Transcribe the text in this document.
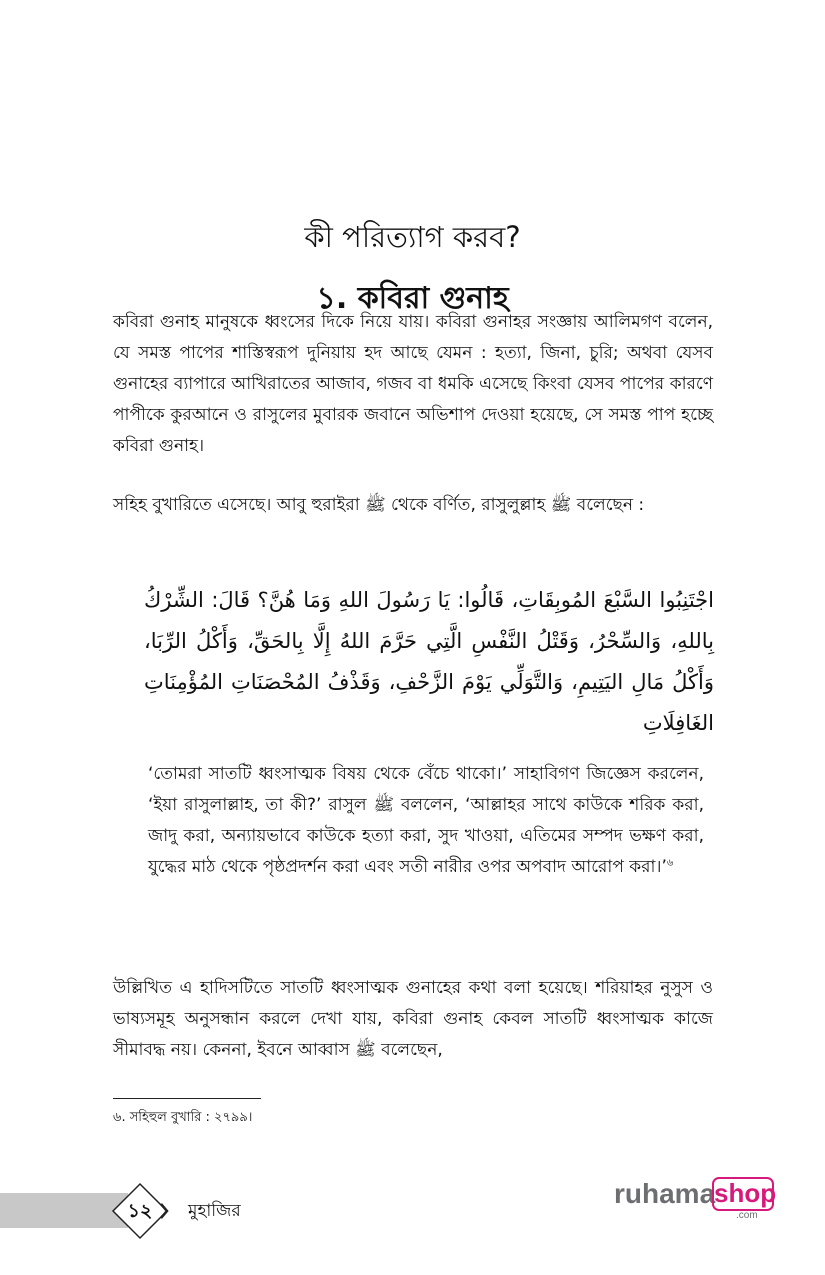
কী পরিত্যাগ করব?
১. কবিরা গুনাহ

কবিরা গুনাহ মানুষকে ধ্বংসের দিকে নিয়ে যায়। কবিরা গুনাহর সংজ্ঞায় আলিমগণ বলেন, যে সমস্ত পাপের শাস্তিস্বরূপ দুনিয়ায় হদ আছে যেমন : হত্যা, জিনা, চুরি; অথবা যেসব গুনাহের ব্যাপারে আখিরাতের আজাব, গজব বা ধমকি এসেছে কিংবা যেসব পাপের কারণে পাপীকে কুরআনে ও রাসুলের মুবারক জবানে অভিশাপ দেওয়া হয়েছে, সে সমস্ত পাপ হচ্ছে কবিরা গুনাহ।

সহিহ বুখারিতে এসেছে। আবু হুরাইরা ﷺ থেকে বর্ণিত, রাসুলুল্লাহ ﷺ বলেছেন :

اجْتَنِبُوا السَّبْعَ المُوبِقَاتِ، قَالُوا: يَا رَسُولَ اللهِ وَمَا هُنَّ؟ قَالَ: الشِّرْكُ بِاللهِ، وَالسِّحْرُ، وَقَتْلُ النَّفْسِ الَّتِي حَرَّمَ اللهُ إِلَّا بِالحَقِّ، وَأَكْلُ الرِّبَا، وَأَكْلُ مَالِ اليَتِيمِ، وَالتَّوَلِّي يَوْمَ الزَّحْفِ، وَقَذْفُ المُحْصَنَاتِ المُؤْمِنَاتِ الغَافِلَاتِ

‘তোমরা সাতটি ধ্বংসাত্মক বিষয় থেকে বেঁচে থাকো।’ সাহাবিগণ জিজ্ঞেস করলেন, ‘ইয়া রাসুলাল্লাহ, তা কী?’ রাসুল ﷺ বললেন, ‘আল্লাহর সাথে কাউকে শরিক করা, জাদু করা, অন্যায়ভাবে কাউকে হত্যা করা, সুদ খাওয়া, এতিমের সম্পদ ভক্ষণ করা, যুদ্ধের মাঠ থেকে পৃষ্ঠপ্রদর্শন করা এবং সতী নারীর ওপর অপবাদ আরোপ করা।’$^৬$

উল্লিখিত এ হাদিসটিতে সাতটি ধ্বংসাত্মক গুনাহের কথা বলা হয়েছে। শরিয়াহর নুসুস ও ভাষ্যসমূহ অনুসন্ধান করলে দেখা যায়, কবিরা গুনাহ কেবল সাতটি ধ্বংসাত্মক কাজে সীমাবদ্ধ নয়। কেননা, ইবনে আব্বাস ﷺ বলেছেন,

৬. সহিহুল বুখারি : ২৭৯৯।
১২	মুহাজির
ruhama
shop
.com
